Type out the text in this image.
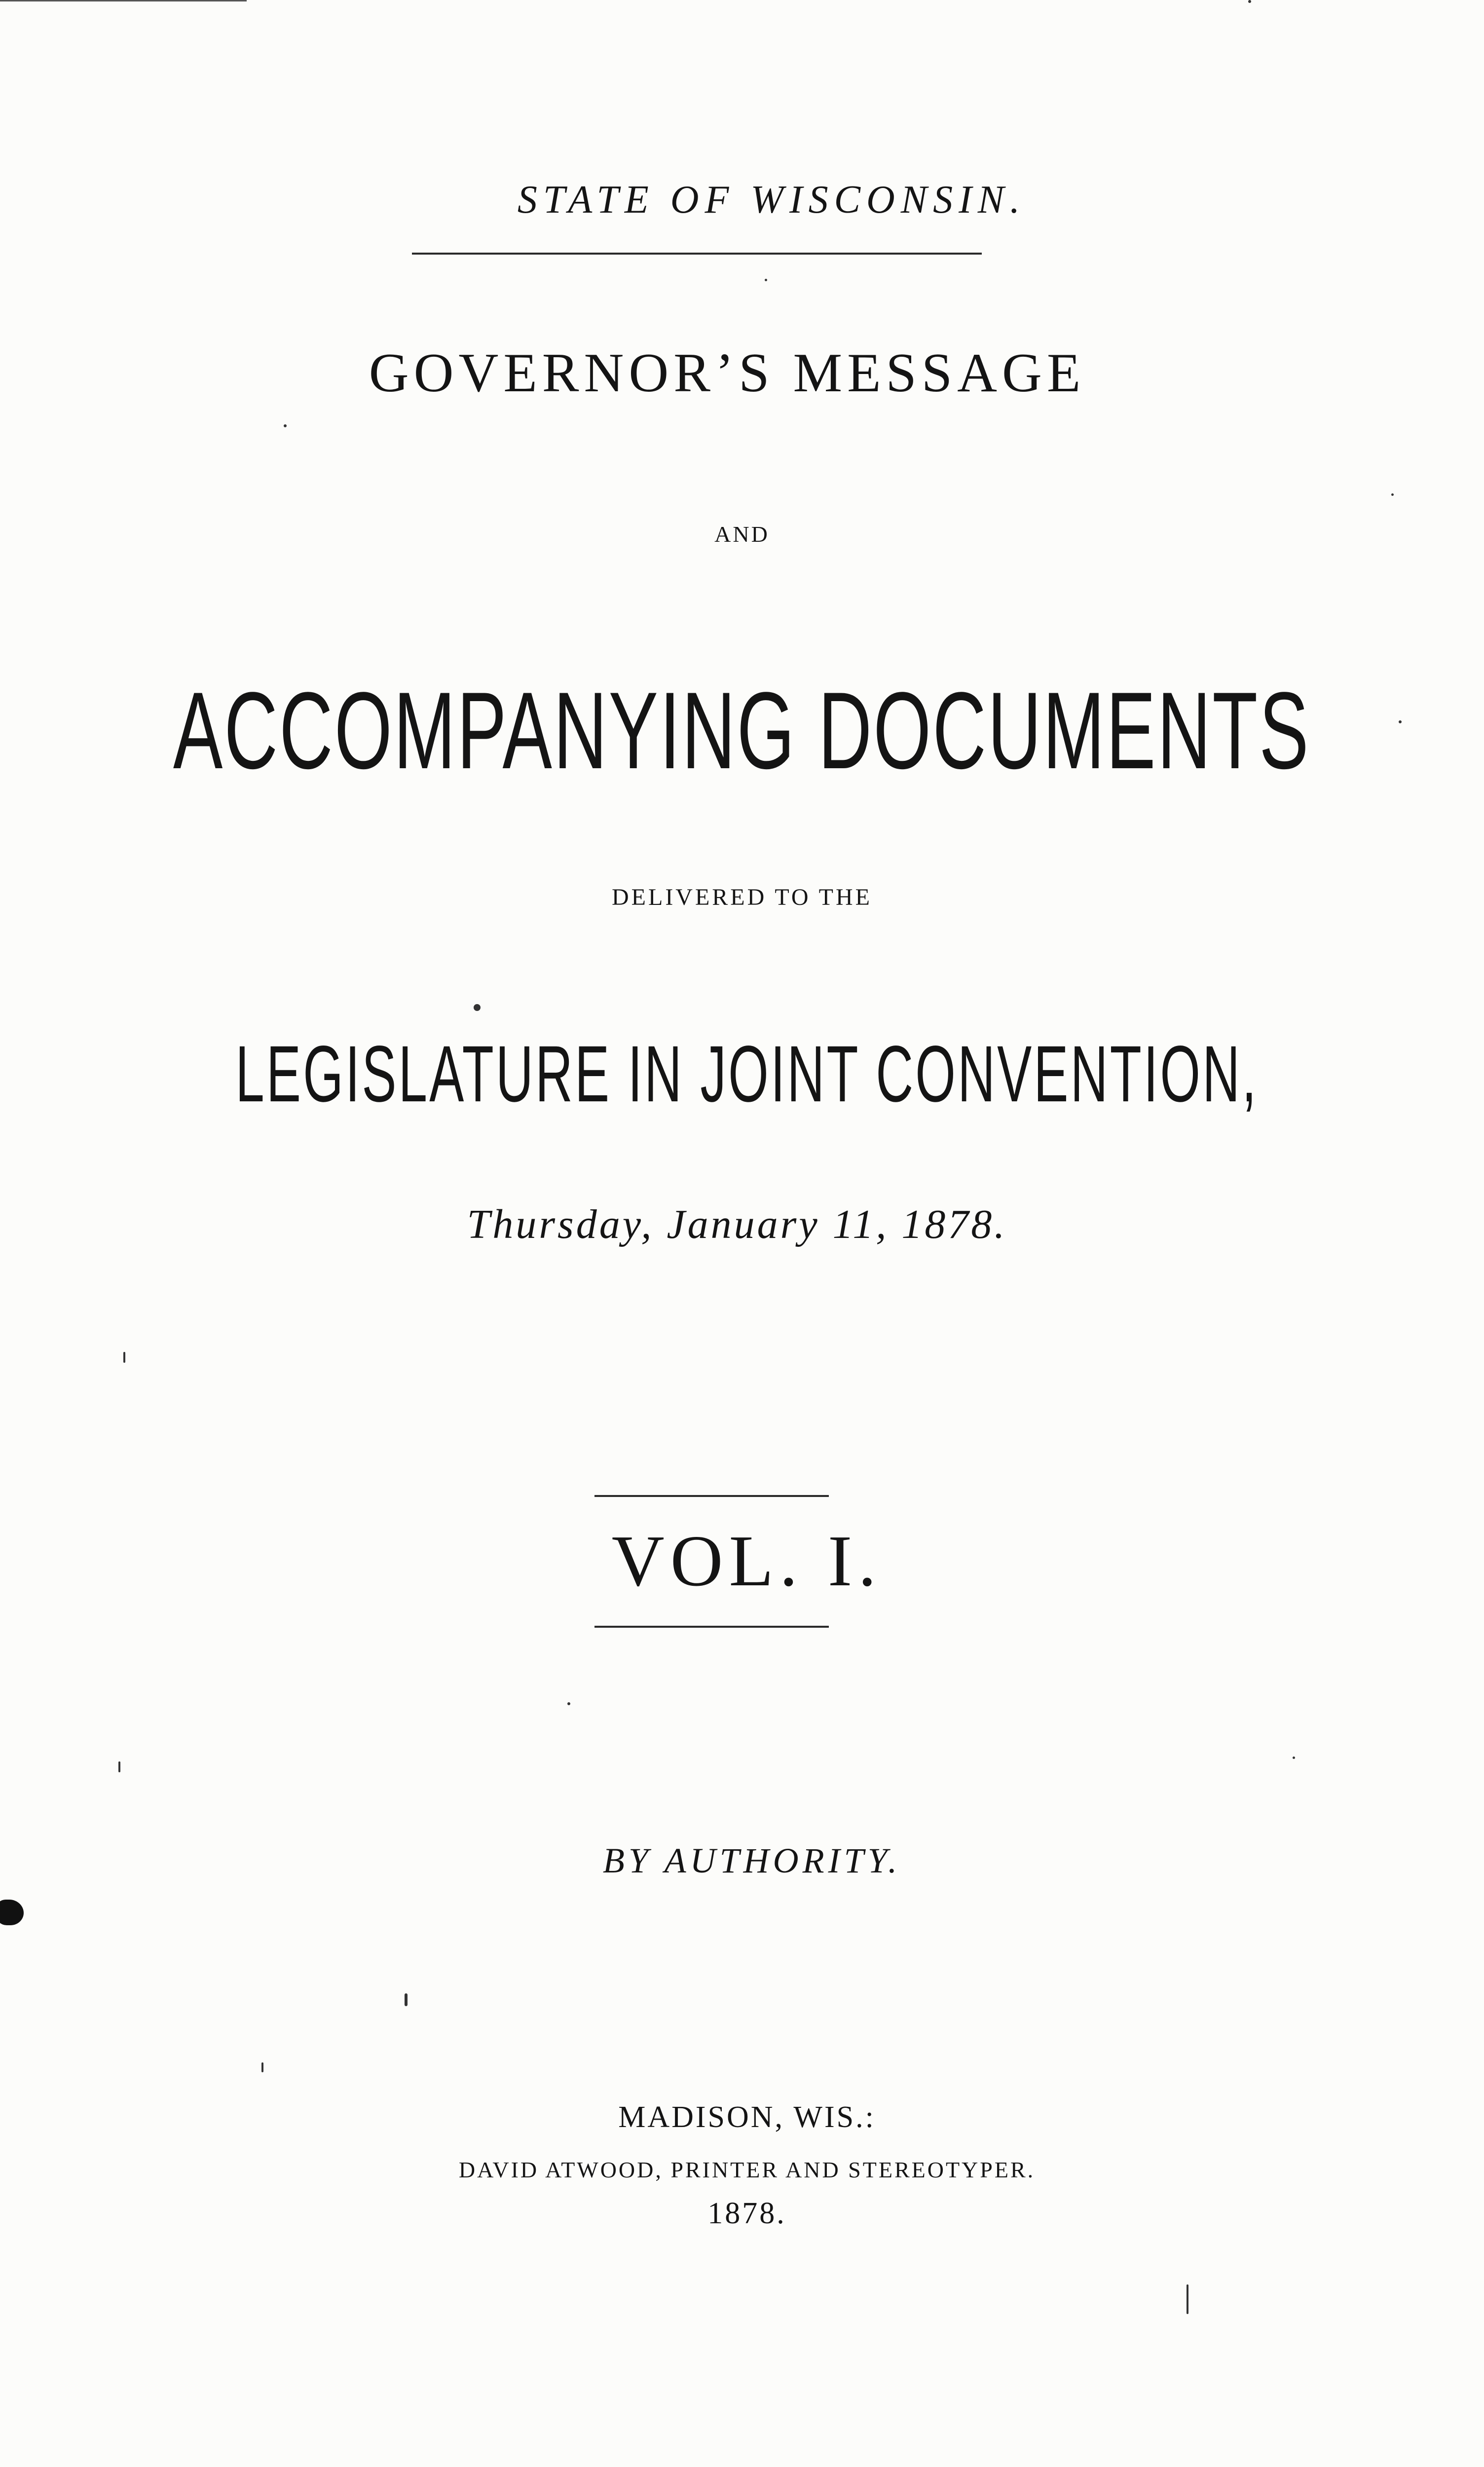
STATE OF WISCONSIN.
GOVERNOR’S MESSAGE
AND
ACCOMPANYING DOCUMENTS
DELIVERED TO THE
LEGISLATURE IN JOINT CONVENTION,
Thursday, January 11, 1878.
VOL. I.
BY AUTHORITY.
MADISON, WIS.:
DAVID ATWOOD, PRINTER AND STEREOTYPER.
1878.
